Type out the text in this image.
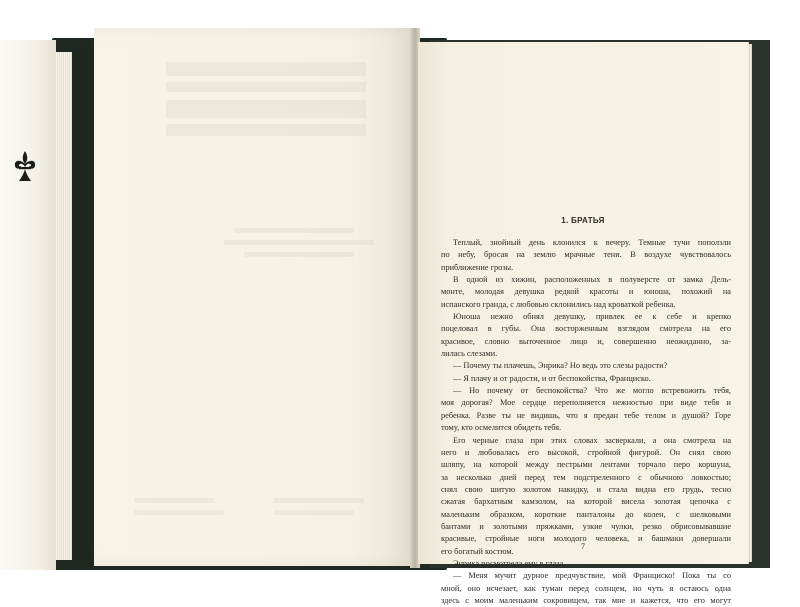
1. БРАТЬЯ
Теплый, знойный день клонился к вечеру. Темные тучи поползли
по небу, бросая на землю мрачные тени. В воздухе чувствовалось
приближение грозы.
В одной из хижин, расположенных в полуверсте от замка Дель-
монте, молодая девушка редкой красоты и юноша, похожий на
испанского гранда, с любовью склонились над кроваткой ребенка.
Юноша нежно обнял девушку, привлек ее к себе и крепко
поцеловал в губы. Она восторженным взглядом смотрела на его
красивое, словно выточенное лицо и, совершенно неожиданно, за-
лилась слезами.
— Почему ты плачешь, Энрика? Но ведь это слезы радости?
— Я плачу и от радости, и от беспокойства, Франциско.
— Но почему от беспокойства? Что же могло встревожить тебя,
моя дорогая? Мое сердце переполняется нежностью при виде тебя и
ребенка. Разве ты не видишь, что я предан тебе телом и душой? Горе
тому, кто осмелится обидеть тебя.
Его черные глаза при этих словах засверкали, а она смотрела на
него и любовалась его высокой, стройной фигурой. Он снял свою
шляпу, на которой между пестрыми лентами торчало перо коршуна,
за несколько дней перед тем подстреленного с обычною ловкостью;
снял свою шитую золотом накидку, и стала видна его грудь, тесно
сжатая бархатным камзолом, на которой висела золотая цепочка с
маленьким образком, короткие панталоны до колен, с шелковыми
бантами и золотыми пряжками, узкие чулки, резко обрисовывавшие
красивые, стройные ноги молодого человека, и башмаки довершали
его богатый костюм.
Энрика посмотрела ему в глаза.
— Меня мучит дурное предчувствие, мой Франциско! Пока ты со
мной, оно исчезает, как туман перед солнцем, но чуть я остаюсь одна
здесь с моим маленьким сокровищем, так мне и кажется, что его могут
7
